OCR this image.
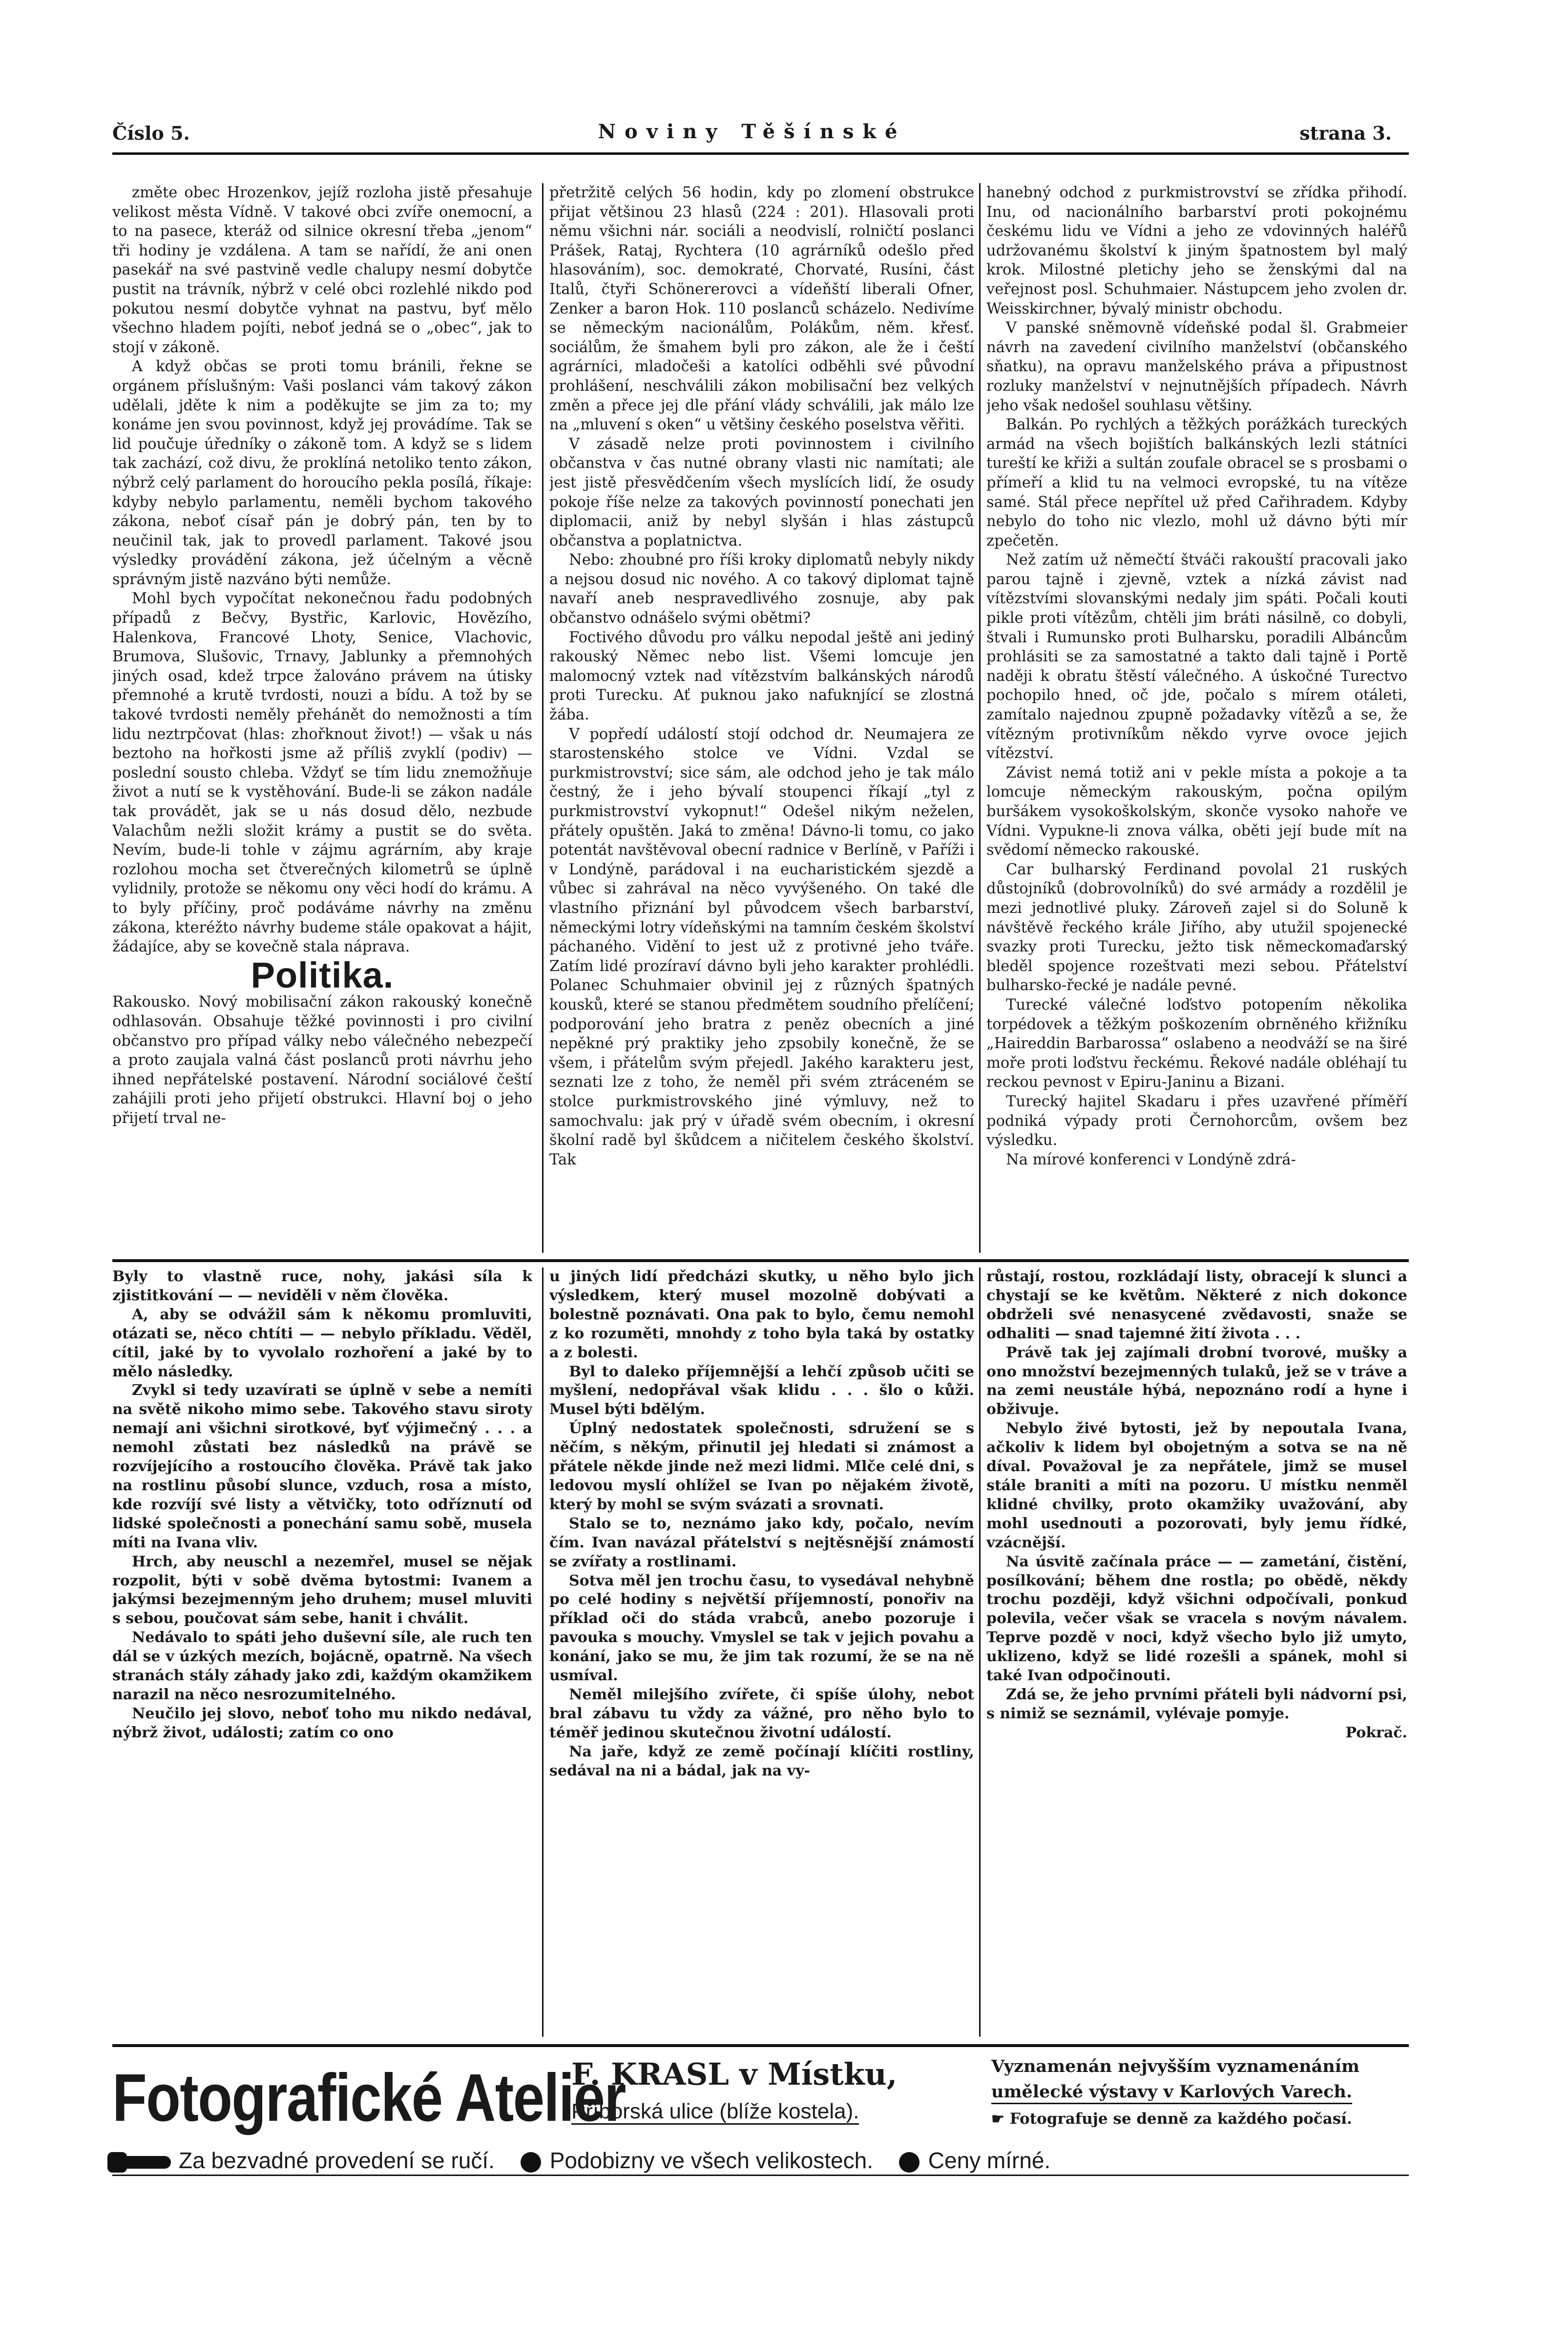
Číslo 5.	Noviny Těšínské	strana 3.

změte obec Hrozenkov, jejíž rozloha jistě přesahuje velikost města Vídně. V takové obci zvíře onemocní, a to na pasece, kteráž od silnice okresní třeba „jenom“ tři hodiny je vzdálena. A tam se nařídí, že ani onen pasekář na své pastvině vedle chalupy nesmí dobytče pustit na trávník, nýbrž v celé obci rozlehlé nikdo pod pokutou nesmí dobytče vyhnat na pastvu, byť mělo všechno hladem pojíti, neboť jedná se o „obec“, jak to stojí v zákoně.

A když občas se proti tomu bránili, řekne se orgánem příslušným: Vaši poslanci vám takový zákon udělali, jděte k nim a poděkujte se jim za to; my konáme jen svou povinnost, když jej provádíme. Tak se lid pouč̌uje úředníky o zákoně tom. A když se s lidem tak zachází, což divu, že proklíná netoliko tento zákon, nýbrž celý parlament do horoucího pekla posílá, říkaje: kdyby nebylo parlamentu, neměli bychom takového zákona, neboť císař pán je dobrý pán, ten by to neučinil tak, jak to provedl parlament. Takové jsou výsledky provádění zákona, jež účelným a věcně správným jistě nazváno býti nemůže.

Mohl bych vypočítat nekonečnou řadu podobných případů z Bečvy, Bystřic, Karlovic, Hovězího, Halenkova, Francové Lhoty, Senice, Vlachovic, Brumova, Slušovic, Trnavy, Jablunky a přemnohých jiných osad, kdež trpce žalováno právem na útisky přemnohé a krutě tvrdosti, nouzi a bídu. A tož by se takové tvrdosti neměly přehánět do nemožnosti a tím lidu neztrpčovat (hlas: zhořknout život!) — však u nás beztoho na hořkosti jsme až příliš zvyklí (podiv) — poslední sousto chleba. Vždyť se tím lidu znemožňuje život a nutí se k vystěhování. Bude-li se zákon nadále tak provádět, jak se u nás dosud dělo, nezbude Valachům nežli složit krámy a pustit se do světa. Nevím, bude-li tohle v zájmu agrárním, aby kraje rozlohou mocha set čtverečných kilometrů se úplně vylidnily, protože se někomu ony věci hodí do krámu. A to byly příčiny, proč podáváme návrhy na změnu zákona, kteréžto návrhy budeme stále opakovat a hájit, žádajíce, aby se kovečně stala náprava.

Politika.

Rakousko. Nový mobilisační zákon rakouský konečně odhlasován. Obsahuje těžké povinnosti i pro civilní občanstvo pro případ války nebo válečného nebezpečí a proto zaujala valná část poslanců proti návrhu jeho ihned nepřátelské postavení. Národní sociálové čeští zahájili proti jeho přijetí obstrukci. Hlavní boj o jeho přijetí trval ne-

přetržitě celých 56 hodin, kdy po zlomení obstrukce přijat většinou 23 hlasů (224 : 201). Hlasovali proti němu všichni nár. sociáli a neodvislí, rolničtí poslanci Prášek, Rataj, Rychtera (10 agrárníků odešlo před hlasováním), soc. demokraté, Chorvaté, Rusíni, část Italů, čtyři Schönererovci a vídeňští liberali Ofner, Zenker a baron Hok. 110 poslanců scházelo. Nedivíme se německým nacionálům, Polákům, něm. křesť. sociálům, že šmahem byli pro zákon, ale že i čeští agrárníci, mladočeši a katolíci odběhli své původní prohlášení, neschválili zákon mobilisační bez velkých změn a přece jej dle přání vlády schválili, jak málo lze na „mluvení s oken“ u většiny českého poselstva věřiti.

V zásadě nelze proti povinnostem i civilního občanstva v čas nutné obrany vlasti nic namítati; ale jest jistě přesvědčením všech myslících lidí, že osudy pokoje říše nelze za takových povinností ponechati jen diplomacii, aniž by nebyl slyšán i hlas zástupců občanstva a poplatnictva.

Nebo: zhoubné pro říši kroky diplomatů nebyly nikdy a nejsou dosud nic nového. A co takový diplomat tajně navaří aneb nespravedlivého zosnuje, aby pak občanstvo odnášelo svými obětmi?

Foctivého důvodu pro válku nepodal ještě ani jediný rakouský Němec nebo list. Všemi lomcuje jen malomocný vztek nad vítězstvím balkánských národů proti Turecku. Ať puknou jako nafuknjící se zlostná žába.

V popředí událostí stojí odchod dr. Neumajera ze starostenského stolce ve Vídni. Vzdal se purkmistrovství; sice sám, ale odchod jeho je tak málo čestný, že i jeho bývalí stoupenci říkají „tyl z purkmistrovství vykopnut!“ Odešel nikým neželen, přátely opuštěn. Jaká to změna! Dávno-li tomu, co jako potentát navštěvoval obecní radnice v Berlíně, v Paříži i v Londýně, parádoval i na eucharistickém sjezdě a vůbec si zahrával na něco vyvýšeného. On také dle vlastního přiznání byl původcem všech barbarství, německými lotry vídeňskými na tamním českém školství páchaného. Vidění to jest už z protivné jeho tváře. Zatím lidé prozíraví dávno byli jeho karakter prohlédli. Polanec Schuhmaier obvinil jej z různých špatných kousků, které se stanou předmětem soudního přelíčení; podporování jeho bratra z peněz obecních a jiné nepěkné prý praktiky jeho zpsobily konečně, že se všem, i přátelům svým přejedl. Jakého karakteru jest, seznati lze z toho, že neměl při svém ztráceném se stolce purkmistrovského jiné výmluvy, než to samochvalu: jak prý v úřadě svém obecním, i okresní školní radě byl škůdcem a ničitelem českého školství. Tak

hanebný odchod z purkmistrovství se zřídka přihodí. Inu, od nacionálního barbarství proti pokojnému českému lidu ve Vídni a jeho ze vdovinných haléřů udržovanému školství k jiným špatnostem byl malý krok. Milostné pletichy jeho se ženskými dal na veřejnost posl. Schuhmaier. Nástupcem jeho zvolen dr. Weisskirchner, bývalý ministr obchodu.

V panské sněmovně vídeňské podal šl. Grabmeier návrh na zavedení civilního manželství (občanského sňatku), na opravu manželského práva a připustnost rozluky manželství v nejnutnějších případech. Návrh jeho však nedošel souhlasu většiny.

Balkán. Po rychlých a těžkých porážkách tureckých armád na všech bojištích balkánských lezli státníci tureští ke křiži a sultán zoufale obracel se s prosbami o přímeří a klid tu na velmoci evropské, tu na vítěze samé. Stál přece nepřítel už před Cařihradem. Kdyby nebylo do toho nic vlezlo, mohl už dávno býti mír zpečetěn.

Než zatím už němečtí štváči rakouští pracovali jako parou tajně i zjevně, vztek a nízká závist nad vítězstvími slovanskými nedaly jim spáti. Počali kouti pikle proti vítězům, chtěli jim bráti násilně, co dobyli, štvali i Rumunsko proti Bulharsku, poradili Albáncům prohlásiti se za samostatné a takto dali tajně i Portě naději k obratu štěstí válečného. A úskočné Turectvo pochopilo hned, oč jde, počalo s mírem otáleti, zamítalo najednou zpupně požadavky vítězů a se, že vítězným protivníkům někdo vyrve ovoce jejich vítězství.

Závist nemá totiž ani v pekle místa a pokoje a ta lomcuje německým rakouským, počna opilým buršákem vysokoškolským, skonče vysoko nahoře ve Vídni. Vypukne-li znova válka, oběti její bude mít na svědomí německo rakouské.

Car bulharský Ferdinand povolal 21 ruských důstojníků (dobrovolníků) do své armády a rozdělil je mezi jednotlivé pluky. Zároveň zajel si do Soluně k návštěvě řeckého krále Jiřího, aby utužil spojenecké svazky proti Turecku, ježto tisk německomaďarský bleděl spojence rozeštvati mezi sebou. Přátelství bulharsko-řecké je nadále pevné.

Turecké válečné loďstvo potopením několika torpédovek a těžkým poškozením obrněného křižníku „Haireddin Barbarossa“ oslabeno a neodváží se na širé moře proti loďstvu řeckému. Řekové nadále obléhají tu reckou pevnost v Epiru-Janinu a Bizani.

Turecký hajitel Skadaru i přes uzavřené příměří podniká výpady proti Černohorcům, ovšem bez výsledku.

Na mírové konferenci v Londýně zdrá-

Byly to vlastně ruce, nohy, jakási síla k zjistitkování — — neviděli v něm člověka.

A, aby se odvážil sám k někomu promluviti, otázati se, něco chtíti — — nebylo příkladu. Věděl, cítil, jaké by to vyvolalo rozhoření a jaké by to mělo následky.

Zvykl si tedy uzavírati se úplně v sebe a nemíti na světě nikoho mimo sebe. Takového stavu siroty nemají ani všichni sirotkové, byť výjimečný . . . a nemohl zůstati bez následků na právě se rozvíjejícího a rostoucího člověka. Právě tak jako na rostlinu působí slunce, vzduch, rosa a místo, kde rozvíjí své listy a větvičky, toto odříznutí od lidské společnosti a ponechání samu sobě, musela míti na Ivana vliv.

Hrch, aby neuschl a nezemřel, musel se nějak rozpolit, býti v sobě dvěma bytostmi: Ivanem a jakýmsi bezejmenným jeho druhem; musel mluviti s sebou, poučovat sám sebe, hanit i chválit.

Nedávalo to spáti jeho duševní síle, ale ruch ten dál se v úzkých mezích, bojácně, opatrně. Na všech stranách stály záhady jako zdi, každým okamžikem narazil na něco nesrozumitelného.

Neučilo jej slovo, neboť toho mu nikdo nedával, nýbrž život, události; zatím co ono

u jiných lidí předcházi skutky, u něho bylo jich výsledkem, který musel mozolně dobývati a bolestně poznávati. Ona pak to bylo, čemu nemohl z ko rozuměti, mnohdy z toho byla taká by ostatky a z bolesti.

Byl to daleko příjemnější a lehčí způsob učiti se myšlení, nedopřával však klidu . . . šlo o kůži. Musel býti bdělým.

Úplný nedostatek společnosti, sdružení se s něčím, s někým, přinutil jej hledati si známost a přátele někde jinde než mezi lidmi. Mlče celé dni, s ledovou myslí ohlížel se Ivan po nějakém životě, který by mohl se svým svázati a srovnati.

Stalo se to, neznámo jako kdy, počalo, nevím čím. Ivan navázal přátelství s nejtěsnější známostí se zvířaty a rostlinami.

Sotva měl jen trochu času, to vysedával nehybně po celé hodiny s největší příjemností, ponořiv na příklad oči do stáda vrabců, anebo pozoruje i pavouka s mouchy. Vmyslel se tak v jejich povahu a konání, jako se mu, že jim tak rozumí, že se na ně usmíval.

Neměl milejšího zvířete, či spíše úlohy, nebot bral zábavu tu vždy za vážné, pro něho bylo to téměř jedinou skutečnou životní událostí.

Na jaře, když ze země počínají klíčiti rostliny, sedával na ni a bádal, jak na vy-

růstají, rostou, rozkládají listy, obracejí k slunci a chystají se ke květům. Některé z nich dokonce obdrželi své nenasycené zvědavosti, snaže se odhaliti — snad tajemné žití života . . .

Právě tak jej zajímali drobní tvorové, mušky a ono množství bezejmenných tulaků, jež se v tráve a na zemi neustále hýbá, nepoznáno rodí a hyne i obživuje.

Nebylo živé bytosti, jež by nepoutala Ivana, ačkoliv k lidem byl obojetným a sotva se na ně díval. Považoval je za nepřátele, jimž se musel stále braniti a míti na pozoru. U místku nenměl klidné chvilky, proto okamžiky uvažování, aby mohl usednouti a pozorovati, byly jemu řídké, vzácnější.

Na úsvitě začínala práce — — zametání, čistění, posílkování; během dne rostla; po obědě, někdy trochu později, když všichni odpočívali, ponkud polevila, večer však se vracela s novým návalem. Teprve pozdě v noci, když všecho bylo již umyto, uklizeno, když se lidé rozešli a spánek, mohl si také Ivan odpočinouti.

Zdá se, že jeho prvními přáteli byli nádvorní psi, s nimiž se seznámil, vylévaje pomyje.

Pokrač.

Fotografické Atelier
F. KRASL v Místku,
Příborská ulice (blíže kostela).
Vyznamenán nejvyšším vyznamenáním
umělecké výstavy v Karlových Varech.
☛ Fotografuje se denně za každého počasí.
Za bezvadné provedení se ručí. Podobizny ve všech velikostech. Ceny mírné.
